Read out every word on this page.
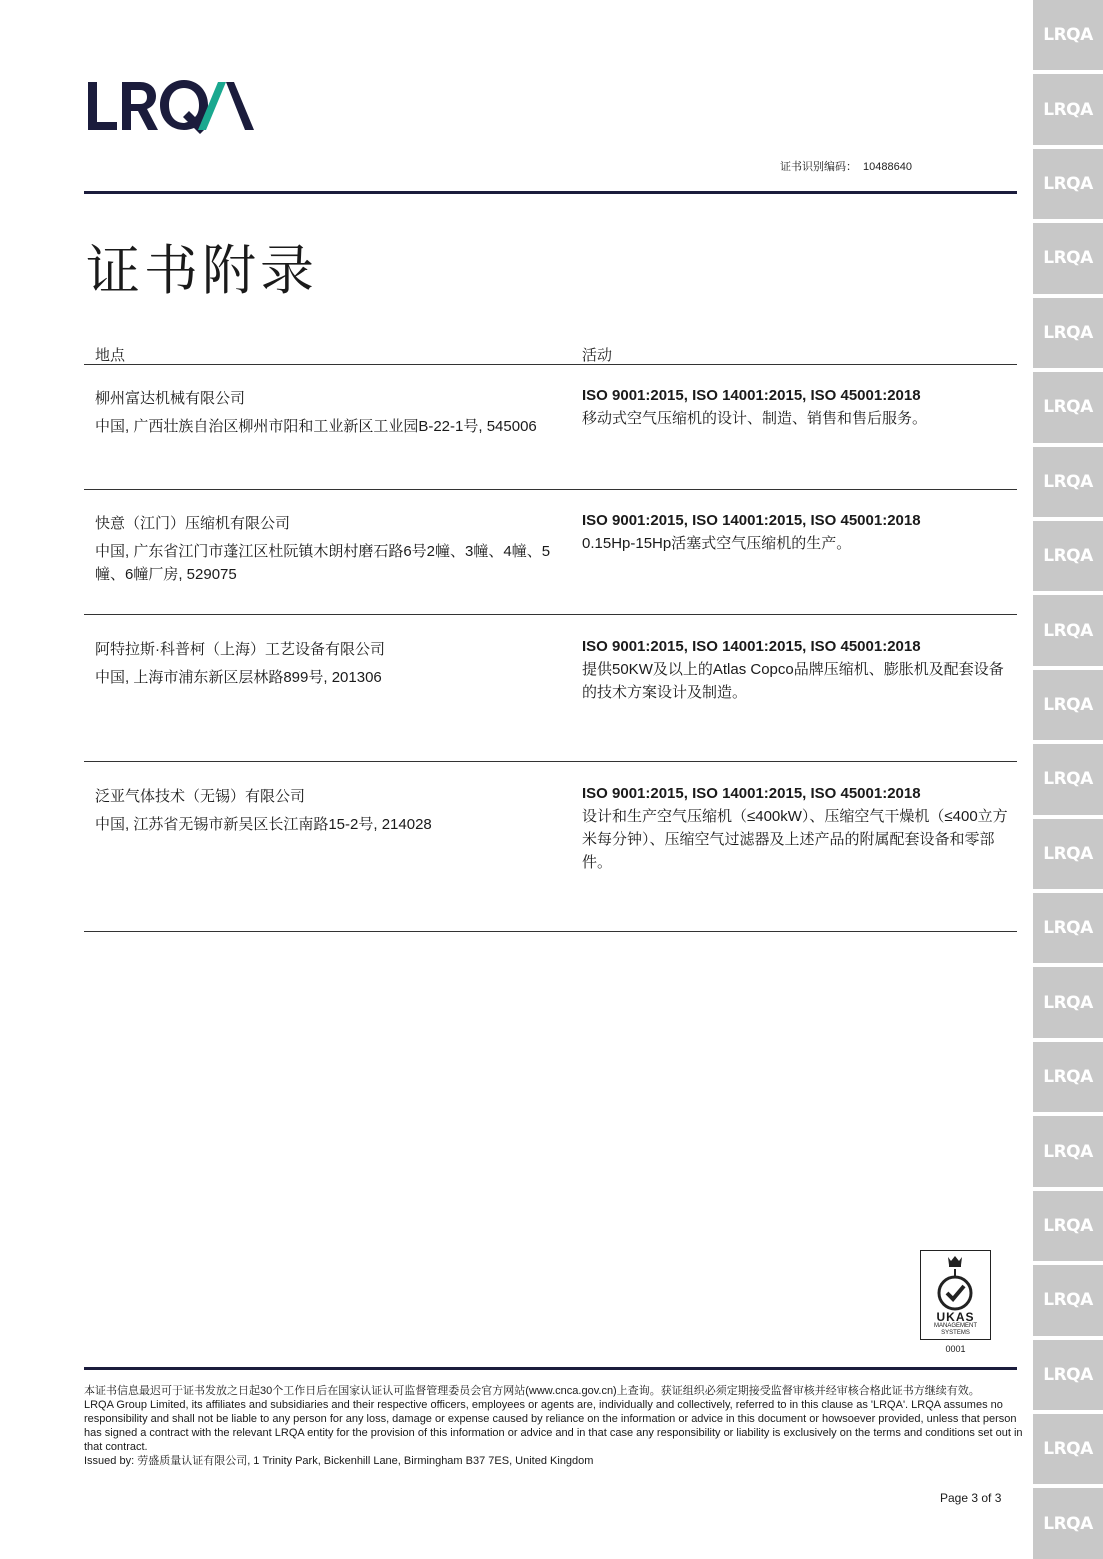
LRQA
LRQA
LRQA
LRQA
LRQA
LRQA
LRQA
LRQA
LRQA
LRQA
LRQA
LRQA
LRQA
LRQA
LRQA
LRQA
LRQA
LRQA
LRQA
LRQA
LRQA
证书识别编码： 10488640
证书附录
地点	活动
柳州富达机械有限公司
中国, 广西壮族自治区柳州市阳和工业新区工业园B-22-1号, 545006
ISO 9001:2015, ISO 14001:2015, ISO 45001:2018
移动式空气压缩机的设计、制造、销售和售后服务。
快意（江门）压缩机有限公司
中国, 广东省江门市蓬江区杜阮镇木朗村磨石路6号2幢、3幢、4幢、5幢、6幢厂房, 529075
ISO 9001:2015, ISO 14001:2015, ISO 45001:2018
0.15Hp-15Hp活塞式空气压缩机的生产。
阿特拉斯·科普柯（上海）工艺设备有限公司
中国, 上海市浦东新区层林路899号, 201306
ISO 9001:2015, ISO 14001:2015, ISO 45001:2018
提供50KW及以上的Atlas Copco品牌压缩机、膨胀机及配套设备的技术方案设计及制造。
泛亚气体技术（无锡）有限公司
中国, 江苏省无锡市新吴区长江南路15-2号, 214028
ISO 9001:2015, ISO 14001:2015, ISO 45001:2018
设计和生产空气压缩机（≤400kW）、压缩空气干燥机（≤400立方米每分钟）、压缩空气过滤器及上述产品的附属配套设备和零部件。
UKAS
MANAGEMENT
SYSTEMS
0001

本证书信息最迟可于证书发放之日起30个工作日后在国家认证认可监督管理委员会官方网站(www.cnca.gov.cn)上查询。获证组织必须定期接受监督审核并经审核合格此证书方继续有效。

LRQA Group Limited, its affiliates and subsidiaries and their respective officers, employees or agents are, individually and collectively, referred to in this clause as 'LRQA'. LRQA assumes no responsibility and shall not be liable to any person for any loss, damage or expense caused by reliance on the information or advice in this document or howsoever provided, unless that person has signed a contract with the relevant LRQA entity for the provision of this information or advice and in that case any responsibility or liability is exclusively on the terms and conditions set out in that contract.

Issued by: 劳盛质量认证有限公司, 1 Trinity Park, Bickenhill Lane, Birmingham B37 7ES, United Kingdom

Page 3 of 3
